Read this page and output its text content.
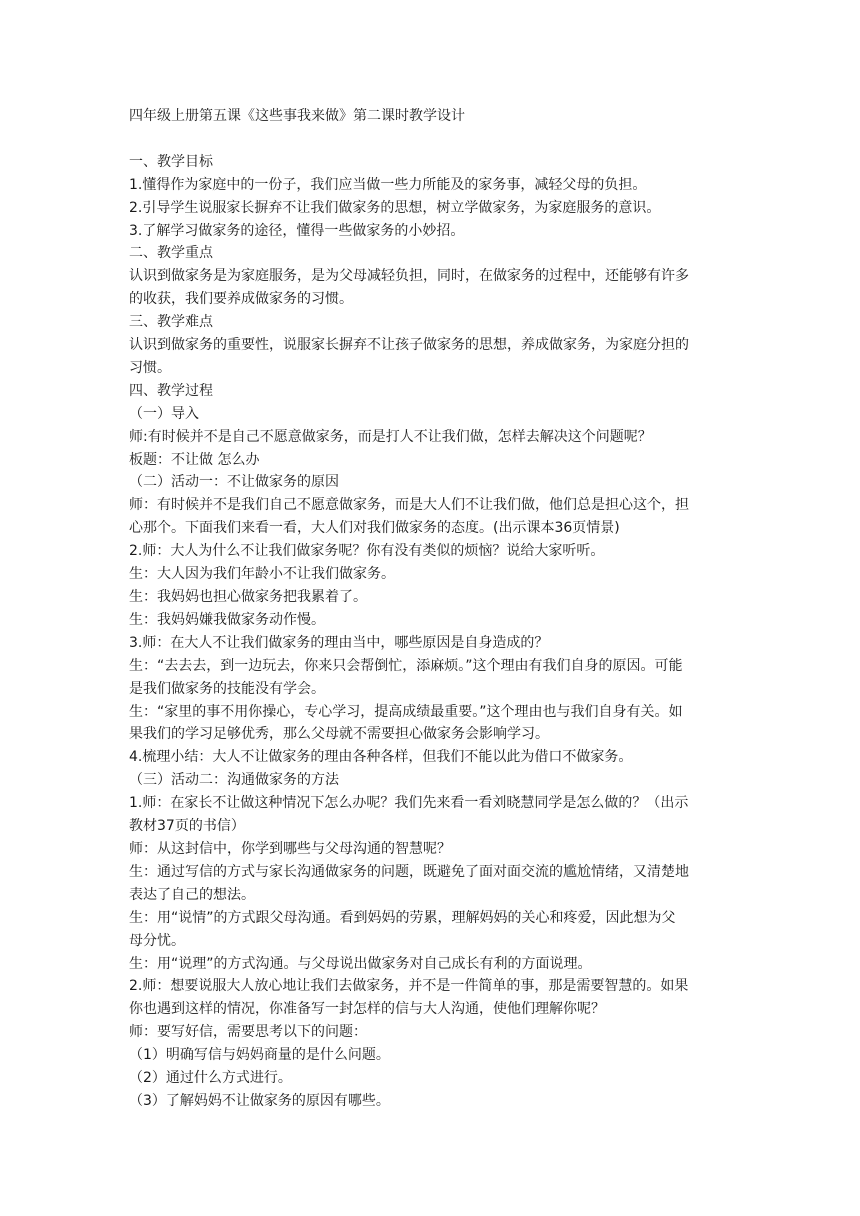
四年级上册第五课《这些事我来做》第二课时教学设计

一、教学目标

1.懂得作为家庭中的一份子，我们应当做一些力所能及的家务事，减轻父母的负担。

2.引导学生说服家长摒弃不让我们做家务的思想，树立学做家务，为家庭服务的意识。

3.了解学习做家务的途径，懂得一些做家务的小妙招。

二、教学重点

认识到做家务是为家庭服务，是为父母减轻负担，同时，在做家务的过程中，还能够有许多

的收获，我们要养成做家务的习惯。

三、教学难点

认识到做家务的重要性，说服家长摒弃不让孩子做家务的思想，养成做家务，为家庭分担的

习惯。

四、教学过程

（一）导入

师:有时候并不是自己不愿意做家务，而是打人不让我们做，怎样去解决这个问题呢？

板题：不让做 怎么办

（二）活动一：不让做家务的原因

师：有时候并不是我们自己不愿意做家务，而是大人们不让我们做，他们总是担心这个，担

心那个。下面我们来看一看，大人们对我们做家务的态度。(出示课本36页情景)

2.师：大人为什么不让我们做家务呢？你有没有类似的烦恼？说给大家听听。

生：大人因为我们年龄小不让我们做家务。

生：我妈妈也担心做家务把我累着了。

生：我妈妈嫌我做家务动作慢。

3.师：在大人不让我们做家务的理由当中，哪些原因是自身造成的？

生：“去去去，到一边玩去，你来只会帮倒忙，添麻烦。”这个理由有我们自身的原因。可能

是我们做家务的技能没有学会。

生：“家里的事不用你操心，专心学习，提高成绩最重要。”这个理由也与我们自身有关。如

果我们的学习足够优秀，那么父母就不需要担心做家务会影响学习。

4.梳理小结：大人不让做家务的理由各种各样，但我们不能以此为借口不做家务。

（三）活动二：沟通做家务的方法

1.师：在家长不让做这种情况下怎么办呢？我们先来看一看刘晓慧同学是怎么做的？（出示

教材37页的书信）

师：从这封信中，你学到哪些与父母沟通的智慧呢？

生：通过写信的方式与家长沟通做家务的问题，既避免了面对面交流的尴尬情绪，又清楚地

表达了自己的想法。

生：用“说情”的方式跟父母沟通。看到妈妈的劳累，理解妈妈的关心和疼爱，因此想为父

母分忧。

生：用“说理”的方式沟通。与父母说出做家务对自己成长有利的方面说理。

2.师：想要说服大人放心地让我们去做家务，并不是一件简单的事，那是需要智慧的。如果

你也遇到这样的情况，你准备写一封怎样的信与大人沟通，使他们理解你呢？

师：要写好信，需要思考以下的问题：

（1）明确写信与妈妈商量的是什么问题。

（2）通过什么方式进行。

（3）了解妈妈不让做家务的原因有哪些。
